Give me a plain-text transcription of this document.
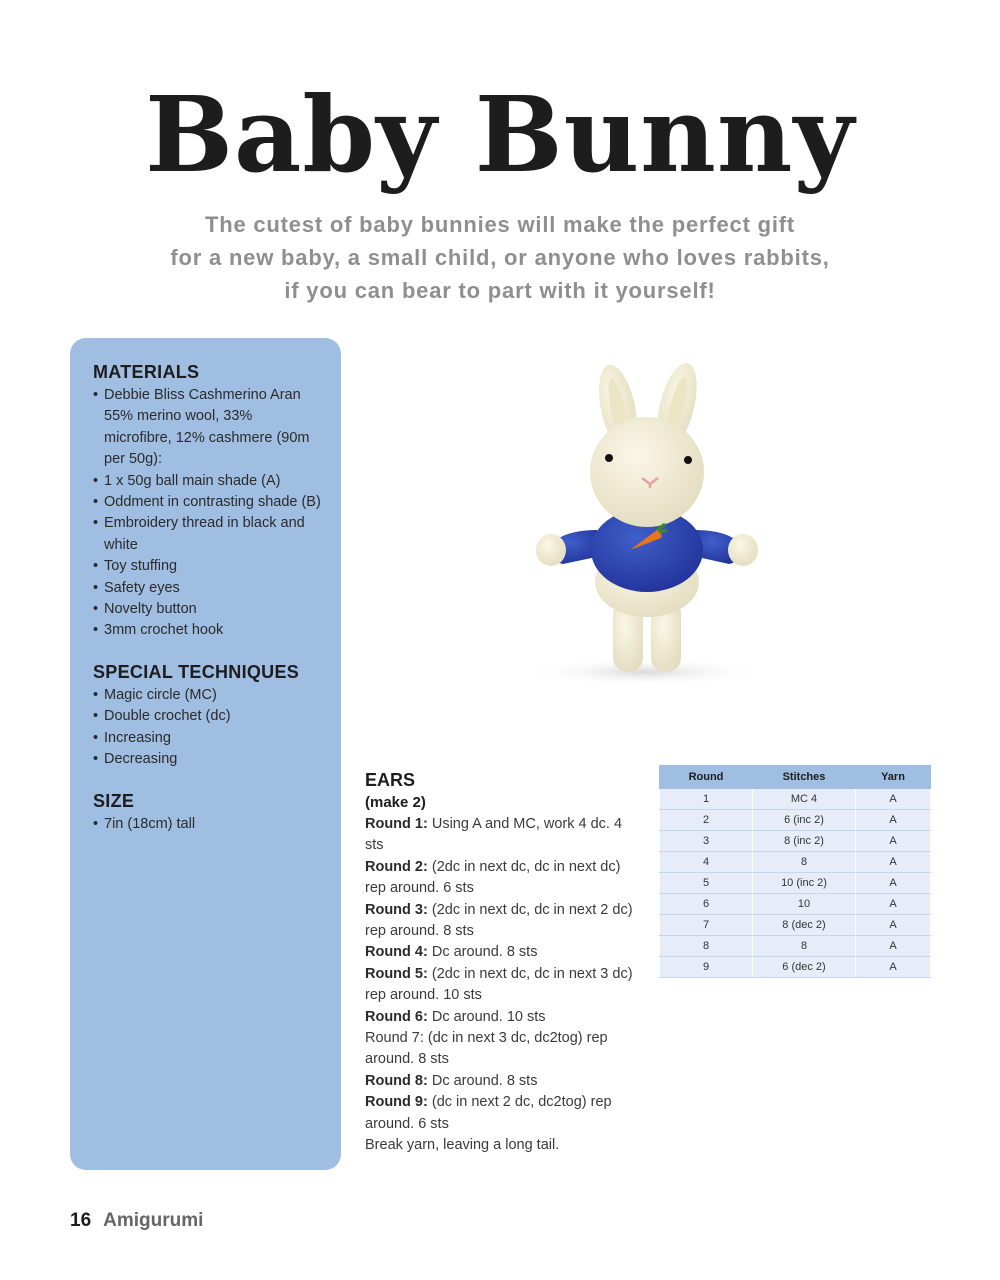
Baby Bunny
The cutest of baby bunnies will make the perfect gift
for a new baby, a small child, or anyone who loves rabbits,
if you can bear to part with it yourself!
MATERIALS
• Debbie Bliss Cashmerino Aran 55% merino wool, 33% microfibre, 12% cashmere (90m per 50g):
• 1 x 50g ball main shade (A)
• Oddment in contrasting shade (B)
• Embroidery thread in black and white
• Toy stuffing
• Safety eyes
• Novelty button
• 3mm crochet hook
SPECIAL TECHNIQUES
• Magic circle (MC)
• Double crochet (dc)
• Increasing
• Decreasing
SIZE
• 7in (18cm) tall

EARS

(make 2)

Round 1: Using A and MC, work 4 dc. 4 sts

Round 2: (2dc in next dc, dc in next dc) rep around. 6 sts

Round 3: (2dc in next dc, dc in next 2 dc) rep around. 8 sts

Round 4: Dc around. 8 sts

Round 5: (2dc in next dc, dc in next 3 dc) rep around. 10 sts

Round 6: Dc around. 10 sts

Round 7: (dc in next 3 dc, dc2tog) rep around. 8 sts

Round 8: Dc around. 8 sts

Round 9: (dc in next 2 dc, dc2tog) rep around. 6 sts

Break yarn, leaving a long tail.

Round	Stitches	Yarn
1	MC 4	A
2	6 (inc 2)	A
3	8 (inc 2)	A
4	8	A
5	10 (inc 2)	A
6	10	A
7	8 (dec 2)	A
8	8	A
9	6 (dec 2)	A
16 Amigurumi
